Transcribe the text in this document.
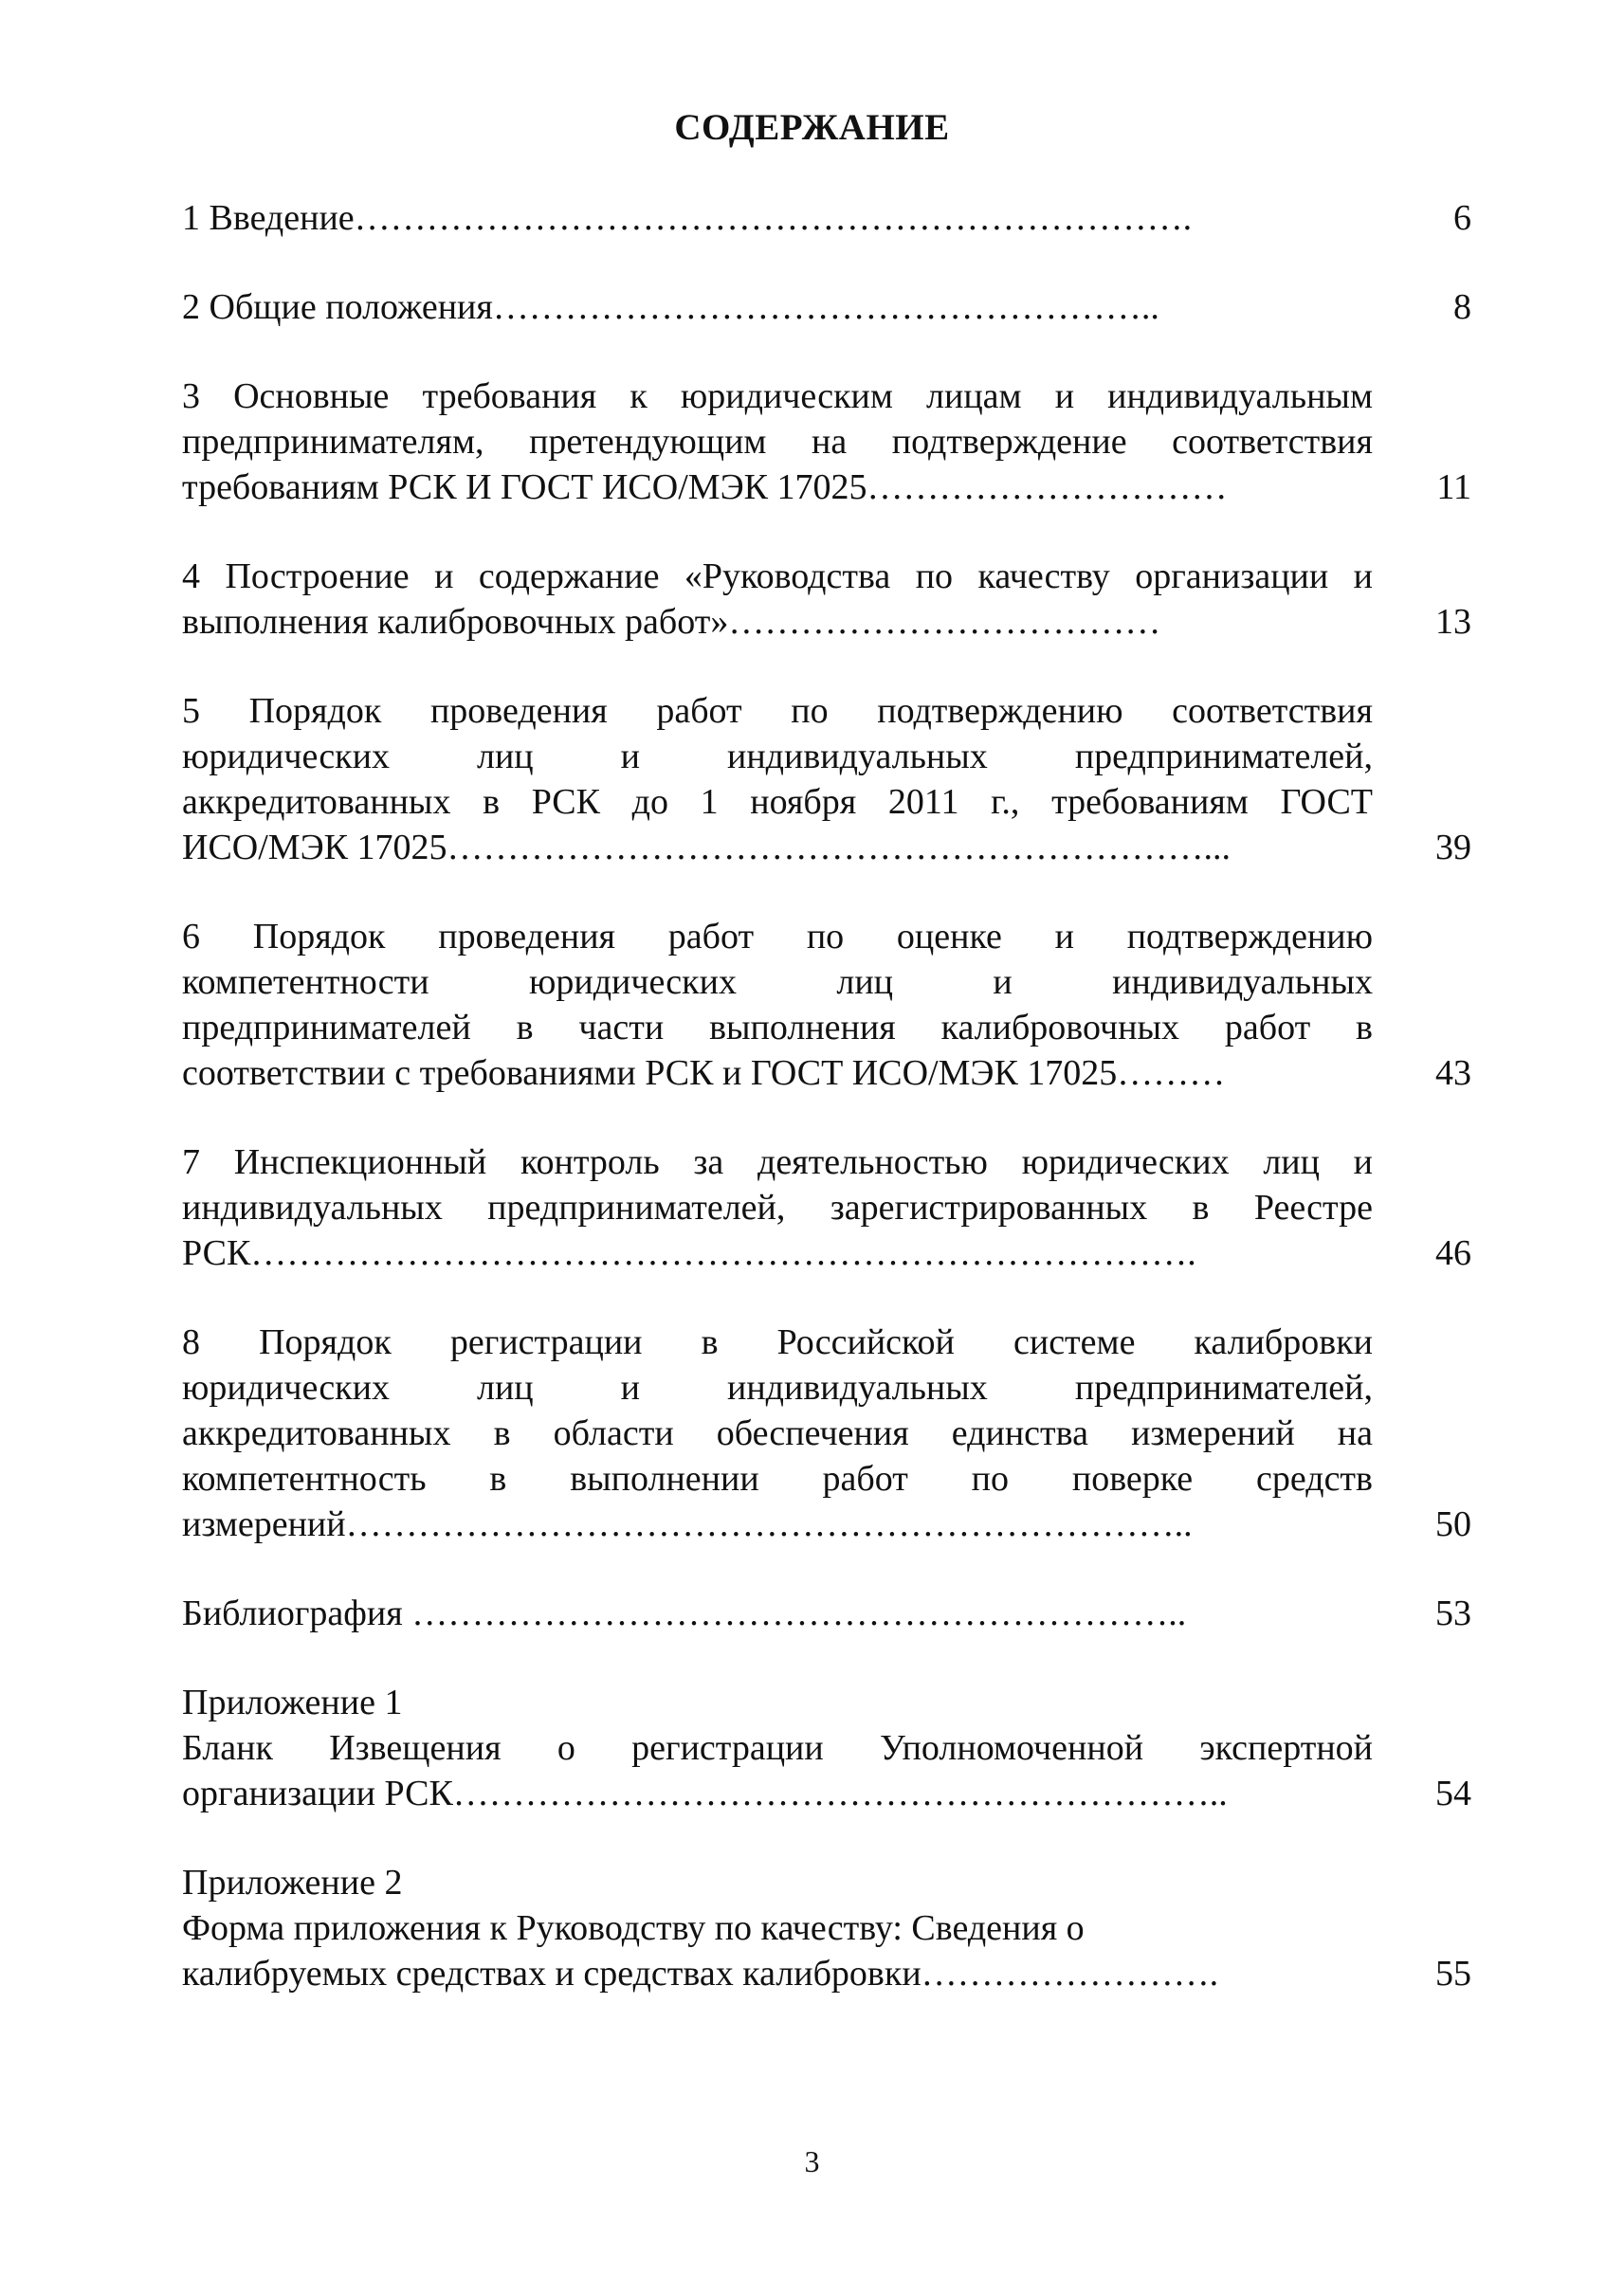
СОДЕРЖАНИЕ
1 Введение…………………………………………………………….	6
2 Общие положения………………………………………………..	8
3 Основные требования к юридическим лицам и индивидуальным
предпринимателям, претендующим на подтверждение соответствия
требованиям РСК И ГОСТ ИСО/МЭК 17025…………………………	11
4 Построение и содержание «Руководства по качеству организации и
выполнения калибровочных работ»………………………………	13
5 Порядок проведения работ по подтверждению соответствия
юридических лиц и индивидуальных предпринимателей,
аккредитованных в РСК до 1 ноября 2011 г., требованиям ГОСТ
ИСО/МЭК 17025………………………………………………………...	39
6 Порядок проведения работ по оценке и подтверждению
компетентности юридических лиц и индивидуальных
предпринимателей в части выполнения калибровочных работ в
соответствии с требованиями РСК и ГОСТ ИСО/МЭК 17025………	43
7 Инспекционный контроль за деятельностью юридических лиц и
индивидуальных предпринимателей, зарегистрированных в Реестре
РСК…………………………………………………………………….	46
8 Порядок регистрации в Российской системе калибровки
юридических лиц и индивидуальных предпринимателей,
аккредитованных в области обеспечения единства измерений на
компетентность в выполнении работ по поверке средств
измерений……………………………………………………………..	50
Библиография ………………………………………………………..	53
Приложение 1
Бланк Извещения о регистрации Уполномоченной экспертной
организации РСК………………………………………………………..	54
Приложение 2
Форма приложения к Руководству по качеству: Сведения о
калибруемых средствах и средствах калибровки…………………….	55
3
